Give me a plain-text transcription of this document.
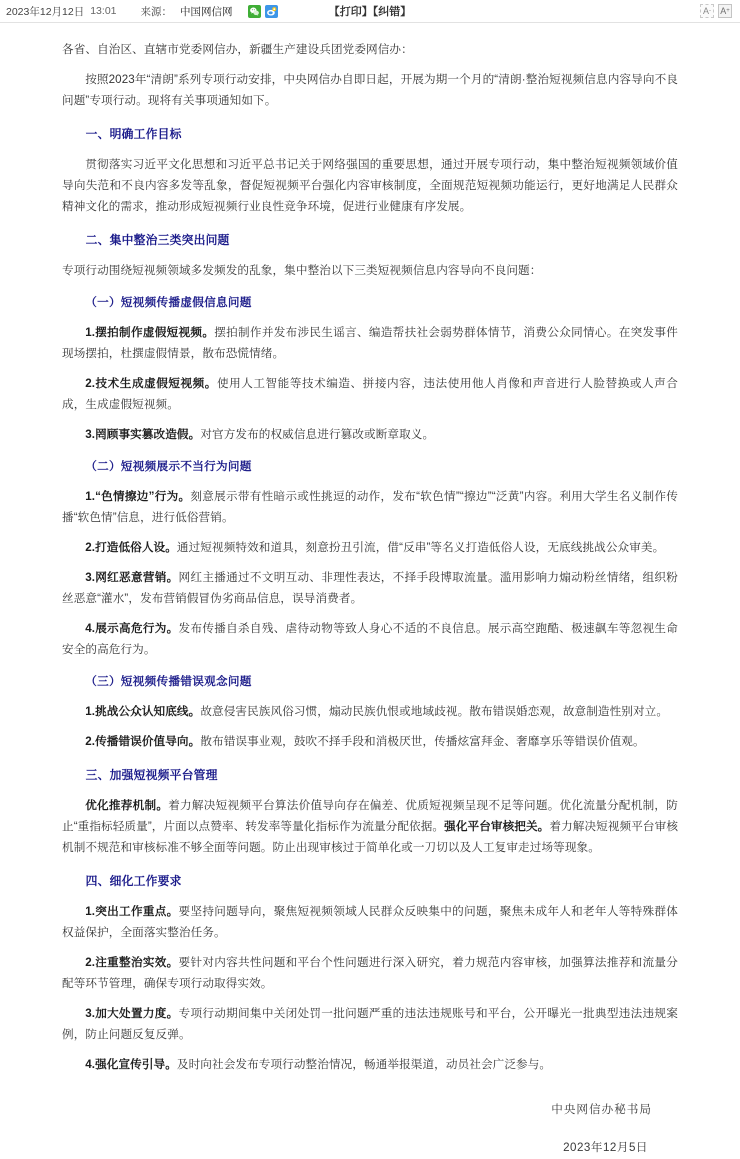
2023年12月12日 13:01 来源： 中国网信网	【打印】【纠错】	A - A +

各省、自治区、直辖市党委网信办，新疆生产建设兵团党委网信办：

按照2023年“清朗”系列专项行动安排，中央网信办自即日起，开展为期一个月的“清朗·整治短视频信息内容导向不良问题”专项行动。现将有关事项通知如下。

一、明确工作目标

贯彻落实习近平文化思想和习近平总书记关于网络强国的重要思想，通过开展专项行动，集中整治短视频领域价值导向失范和不良内容多发等乱象，督促短视频平台强化内容审核制度，全面规范短视频功能运行，更好地满足人民群众精神文化的需求，推动形成短视频行业良性竞争环境，促进行业健康有序发展。

二、集中整治三类突出问题

专项行动围绕短视频领域多发频发的乱象，集中整治以下三类短视频信息内容导向不良问题：

（一）短视频传播虚假信息问题

1.摆拍制作虚假短视频。摆拍制作并发布涉民生谣言、编造帮扶社会弱势群体情节，消费公众同情心。在突发事件现场摆拍，杜撰虚假情景，散布恐慌情绪。

2.技术生成虚假短视频。使用人工智能等技术编造、拼接内容，违法使用他人肖像和声音进行人脸替换或人声合成，生成虚假短视频。

3.罔顾事实篡改造假。对官方发布的权威信息进行篡改或断章取义。

（二）短视频展示不当行为问题

1.“色情擦边”行为。刻意展示带有性暗示或性挑逗的动作，发布“软色情”“擦边”“泛黄”内容。利用大学生名义制作传播“软色情”信息，进行低俗营销。

2.打造低俗人设。通过短视频特效和道具，刻意扮丑引流，借“反串”等名义打造低俗人设，无底线挑战公众审美。

3.网红恶意营销。网红主播通过不文明互动、非理性表达，不择手段博取流量。滥用影响力煽动粉丝情绪，组织粉丝恶意“灌水”，发布营销假冒伪劣商品信息，误导消费者。

4.展示高危行为。发布传播自杀自残、虐待动物等致人身心不适的不良信息。展示高空跑酷、极速飙车等忽视生命安全的高危行为。

（三）短视频传播错误观念问题

1.挑战公众认知底线。故意侵害民族风俗习惯，煽动民族仇恨或地域歧视。散布错误婚恋观，故意制造性别对立。

2.传播错误价值导向。散布错误事业观，鼓吹不择手段和消极厌世，传播炫富拜金、奢靡享乐等错误价值观。

三、加强短视频平台管理

优化推荐机制。着力解决短视频平台算法价值导向存在偏差、优质短视频呈现不足等问题。优化流量分配机制，防止“重指标轻质量”，片面以点赞率、转发率等量化指标作为流量分配依据。强化平台审核把关。着力解决短视频平台审核机制不规范和审核标准不够全面等问题。防止出现审核过于简单化或一刀切以及人工复审走过场等现象。

四、细化工作要求

1.突出工作重点。要坚持问题导向，聚焦短视频领域人民群众反映集中的问题，聚焦未成年人和老年人等特殊群体权益保护，全面落实整治任务。

2.注重整治实效。要针对内容共性问题和平台个性问题进行深入研究，着力规范内容审核，加强算法推荐和流量分配等环节管理，确保专项行动取得实效。

3.加大处置力度。专项行动期间集中关闭处罚一批问题严重的违法违规账号和平台，公开曝光一批典型违法违规案例，防止问题反复反弹。

4.强化宣传引导。及时向社会发布专项行动整治情况，畅通举报渠道，动员社会广泛参与。

中央网信办秘书局
2023年12月5日
